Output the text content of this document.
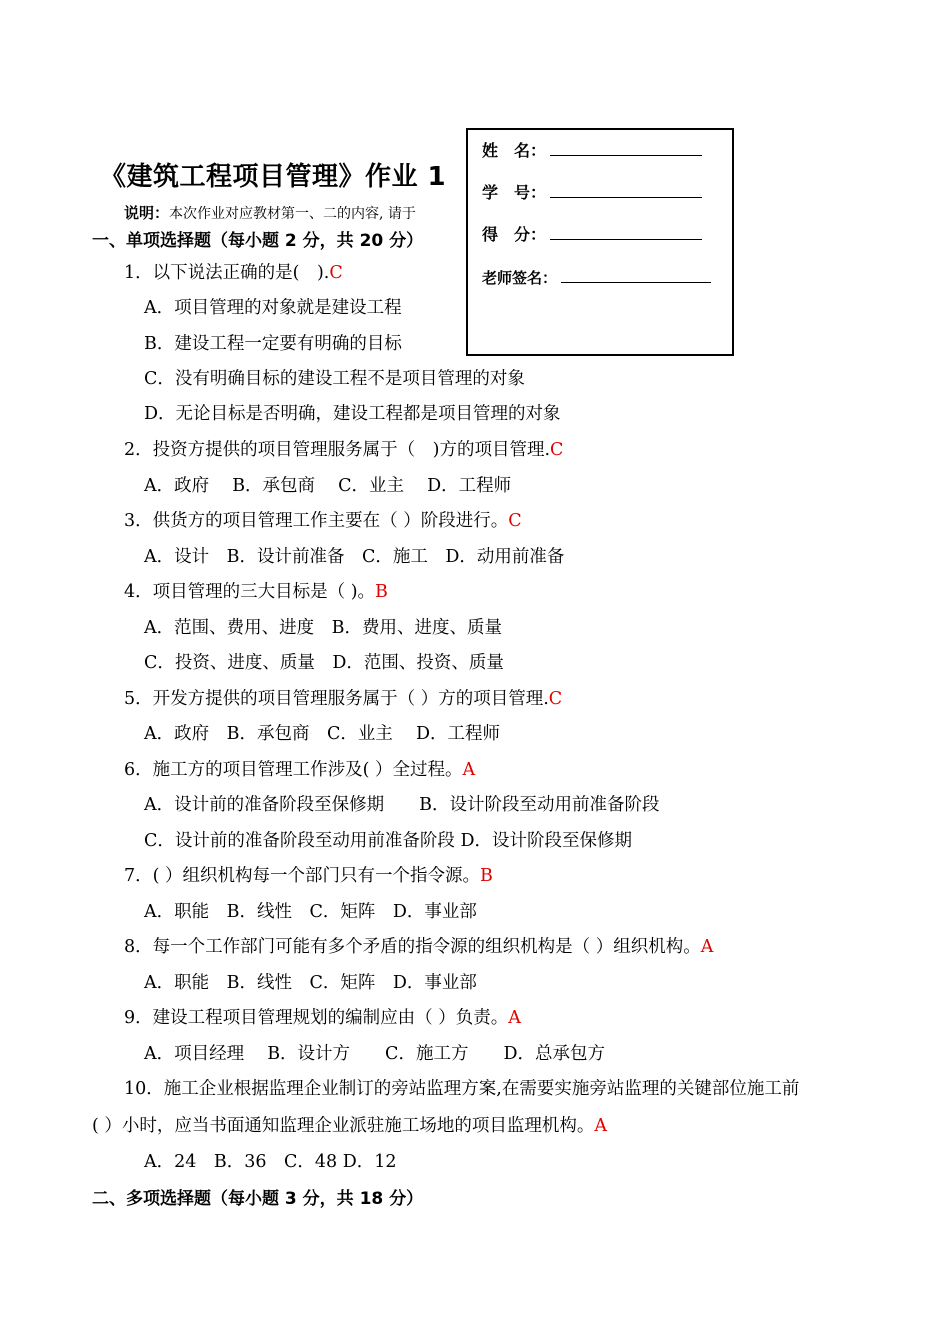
《建筑工程项目管理》作业 1
说明：本次作业对应教材第一、二的内容, 请于
姓　名：
学　号：
得　分：
老师签名：
一、单项选择题（每小题 2 分，共 20 分）
1．以下说法正确的是(　).C
A．项目管理的对象就是建设工程
B．建设工程一定要有明确的目标
C．没有明确目标的建设工程不是项目管理的对象
D．无论目标是否明确，建设工程都是项目管理的对象
2．投资方提供的项目管理服务属于（　)方的项目管理.C
A．政府　 B．承包商　 C．业主　 D．工程师
3．供货方的项目管理工作主要在（ ）阶段进行。C
A．设计　B．设计前准备　C．施工　D．动用前准备
4．项目管理的三大目标是（ )。B
A．范围、费用、进度　B．费用、进度、质量
C．投资、进度、质量　D．范围、投资、质量
5．开发方提供的项目管理服务属于（ ）方的项目管理.C
A．政府　B．承包商　C．业主　 D．工程师
6．施工方的项目管理工作涉及( ）全过程。A
A．设计前的准备阶段至保修期　　B．设计阶段至动用前准备阶段
C．设计前的准备阶段至动用前准备阶段 D．设计阶段至保修期
7．( ）组织机构每一个部门只有一个指令源。B
A．职能　B．线性　C．矩阵　D．事业部
8．每一个工作部门可能有多个矛盾的指令源的组织机构是（ ）组织机构。A
A．职能　B．线性　C．矩阵　D．事业部
9．建设工程项目管理规划的编制应由（ ）负责。A
A．项目经理　 B．设计方　　C．施工方　　D．总承包方
10．施工企业根据监理企业制订的旁站监理方案,在需要实施旁站监理的关键部位施工前
( ）小时，应当书面通知监理企业派驻施工场地的项目监理机构。A
A．24　B．36　C．48 D．12
二、多项选择题（每小题 3 分，共 18 分）
